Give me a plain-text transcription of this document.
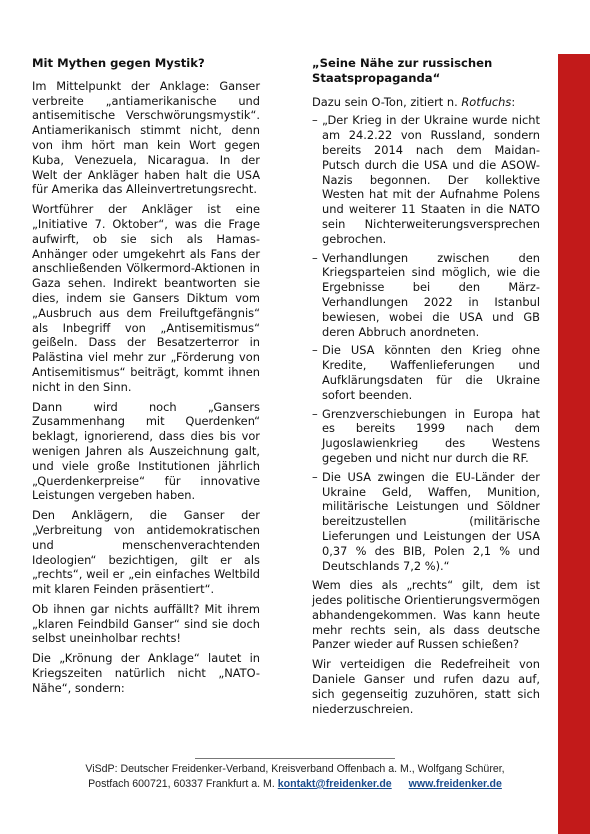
Mit Mythen gegen Mystik?

Im Mittelpunkt der Anklage: Ganser verbreite „antiamerikanische und antisemitische Verschwörungsmystik“. Antiamerikanisch stimmt nicht, denn von ihm hört man kein Wort gegen Kuba, Venezuela, Nicaragua. In der Welt der Ankläger haben halt die USA für Amerika das Alleinvertretungsrecht.

Wortführer der Ankläger ist eine „Initiative 7. Oktober“, was die Frage aufwirft, ob sie sich als Hamas-Anhänger oder umgekehrt als Fans der anschließenden Völkermord-Aktionen in Gaza sehen. Indirekt beantworten sie dies, indem sie Gansers Diktum vom „Ausbruch aus dem Freiluftgefängnis“ als Inbegriff von „Antisemitismus“ geißeln. Dass der Besatzerterror in Palästina viel mehr zur „Förderung von Antisemitismus“ beiträgt, kommt ihnen nicht in den Sinn.

Dann wird noch „Gansers Zusammenhang mit Querdenken“ beklagt, ignorierend, dass dies bis vor wenigen Jahren als Auszeichnung galt, und viele große Institutionen jährlich „Querdenkerpreise“ für innovative Leistungen vergeben haben.

Den Anklägern, die Ganser der „Verbreitung von antidemokratischen und menschenverachtenden Ideologien“ bezichtigen, gilt er als „rechts“, weil er „ein einfaches Weltbild mit klaren Feinden präsentiert“.

Ob ihnen gar nichts auffällt? Mit ihrem „klaren Feindbild Ganser“ sind sie doch selbst uneinholbar rechts!

Die „Krönung der Anklage“ lautet in Kriegszeiten natürlich nicht „NATO-Nähe“, sondern:

„Seine Nähe zur russischen Staatspropaganda“

Dazu sein O-Ton, zitiert n. Rotfuchs:

– „Der Krieg in der Ukraine wurde nicht am 24.2.22 von Russland, sondern bereits 2014 nach dem Maidan-Putsch durch die USA und die ASOW-Nazis begonnen. Der kollektive Westen hat mit der Aufnahme Polens und weiterer 11 Staaten in die NATO sein Nichterweiterungsversprechen gebrochen.
– Verhandlungen zwischen den Kriegsparteien sind möglich, wie die Ergebnisse bei den März-Verhandlungen 2022 in Istanbul bewiesen, wobei die USA und GB deren Abbruch anordneten.
– Die USA könnten den Krieg ohne Kredite, Waffenlieferungen und Aufklärungsdaten für die Ukraine sofort beenden.
– Grenzverschiebungen in Europa hat es bereits 1999 nach dem Jugoslawienkrieg des Westens gegeben und nicht nur durch die RF.
– Die USA zwingen die EU-Länder der Ukraine Geld, Waffen, Munition, militärische Leistungen und Söldner bereitzustellen (militärische Lieferungen und Leistungen der USA 0,37 % des BIB, Polen 2,1 % und Deutschlands 7,2 %).“

Wem dies als „rechts“ gilt, dem ist jedes politische Orientierungsvermögen abhandengekommen. Was kann heute mehr rechts sein, als dass deutsche Panzer wieder auf Russen schießen?

Wir verteidigen die Redefreiheit von Daniele Ganser und rufen dazu auf, sich gegenseitig zuzuhören, statt sich niederzuschreien.

ViSdP: Deutscher Freidenker-Verband, Kreisverband Offenbach a. M., Wolfgang Schürer,
Postfach 600721, 60337 Frankfurt a. M. kontakt@freidenker.de www.freidenker.de
